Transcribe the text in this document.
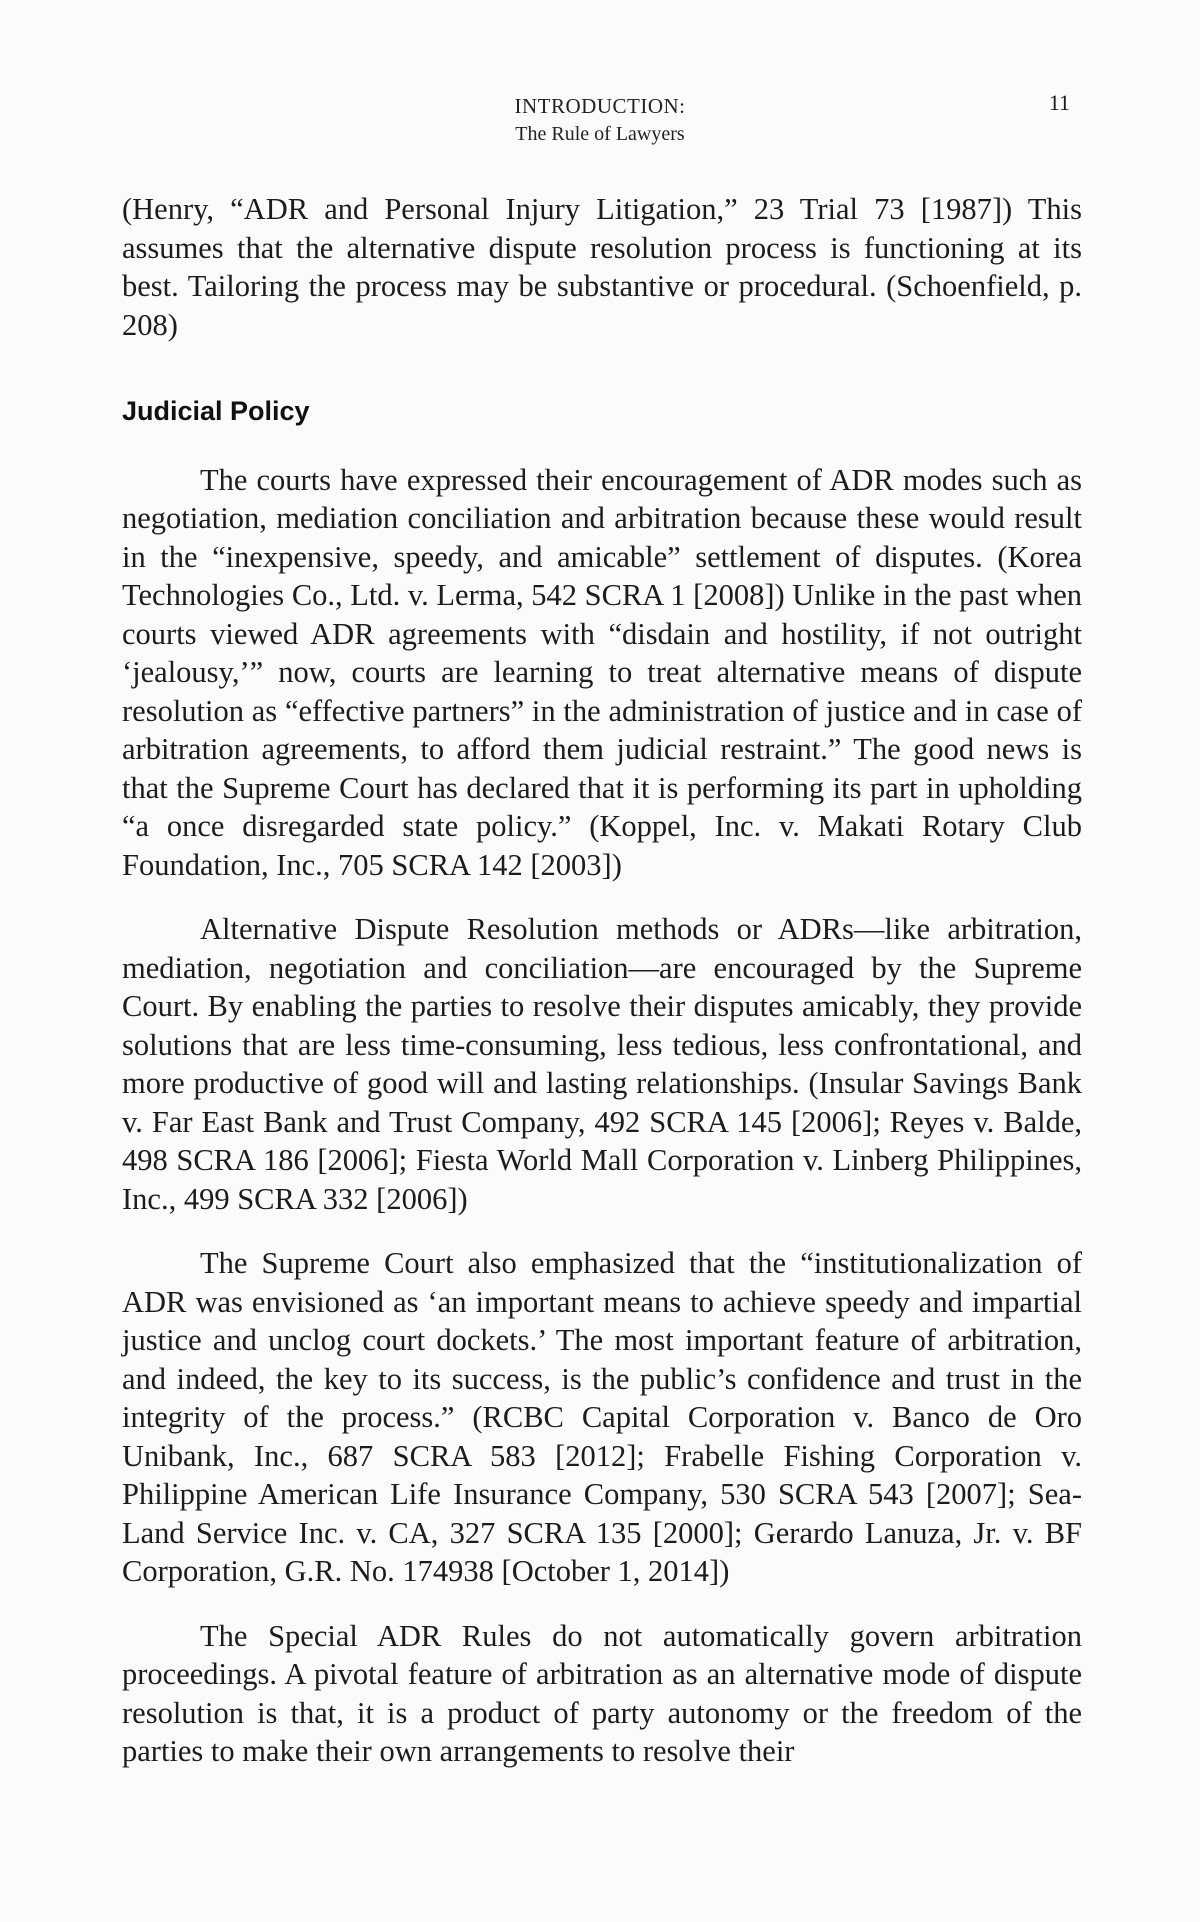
INTRODUCTION:
The Rule of Lawyers
11

(Henry, “ADR and Personal Injury Litigation,” 23 Trial 73 [1987]) This assumes that the alternative dispute resolution process is functioning at its best. Tailoring the process may be substantive or procedural. (Schoenfield, p. 208)

Judicial Policy

The courts have expressed their encouragement of ADR modes such as negotiation, mediation conciliation and arbitration because these would result in the “inexpensive, speedy, and amicable” settlement of disputes. (Korea Technologies Co., Ltd. v. Lerma, 542 SCRA 1 [2008]) Unlike in the past when courts viewed ADR agreements with “disdain and hostility, if not outright ‘jealousy,’” now, courts are learning to treat alternative means of dispute resolution as “effective partners” in the administration of justice and in case of arbitration agreements, to afford them judicial restraint.” The good news is that the Supreme Court has declared that it is performing its part in upholding “a once disregarded state policy.” (Koppel, Inc. v. Makati Rotary Club Foundation, Inc., 705 SCRA 142 [2003])

Alternative Dispute Resolution methods or ADRs—like arbitration, mediation, negotiation and conciliation—are encouraged by the Supreme Court. By enabling the parties to resolve their disputes amicably, they provide solutions that are less time-consuming, less tedious, less confrontational, and more productive of good will and lasting relationships. (Insular Savings Bank v. Far East Bank and Trust Company, 492 SCRA 145 [2006]; Reyes v. Balde, 498 SCRA 186 [2006]; Fiesta World Mall Corporation v. Linberg Philippines, Inc., 499 SCRA 332 [2006])

The Supreme Court also emphasized that the “institutionalization of ADR was envisioned as ‘an important means to achieve speedy and impartial justice and unclog court dockets.’ The most important feature of arbitration, and indeed, the key to its success, is the public’s confidence and trust in the integrity of the process.” (RCBC Capital Corporation v. Banco de Oro Unibank, Inc., 687 SCRA 583 [2012]; Frabelle Fishing Corporation v. Philippine American Life Insurance Company, 530 SCRA 543 [2007]; Sea-Land Service Inc. v. CA, 327 SCRA 135 [2000]; Gerardo Lanuza, Jr. v. BF Corporation, G.R. No. 174938 [October 1, 2014])

The Special ADR Rules do not automatically govern arbitration proceedings. A pivotal feature of arbitration as an alternative mode of dispute resolution is that, it is a product of party autonomy or the freedom of the parties to make their own arrangements to resolve their
